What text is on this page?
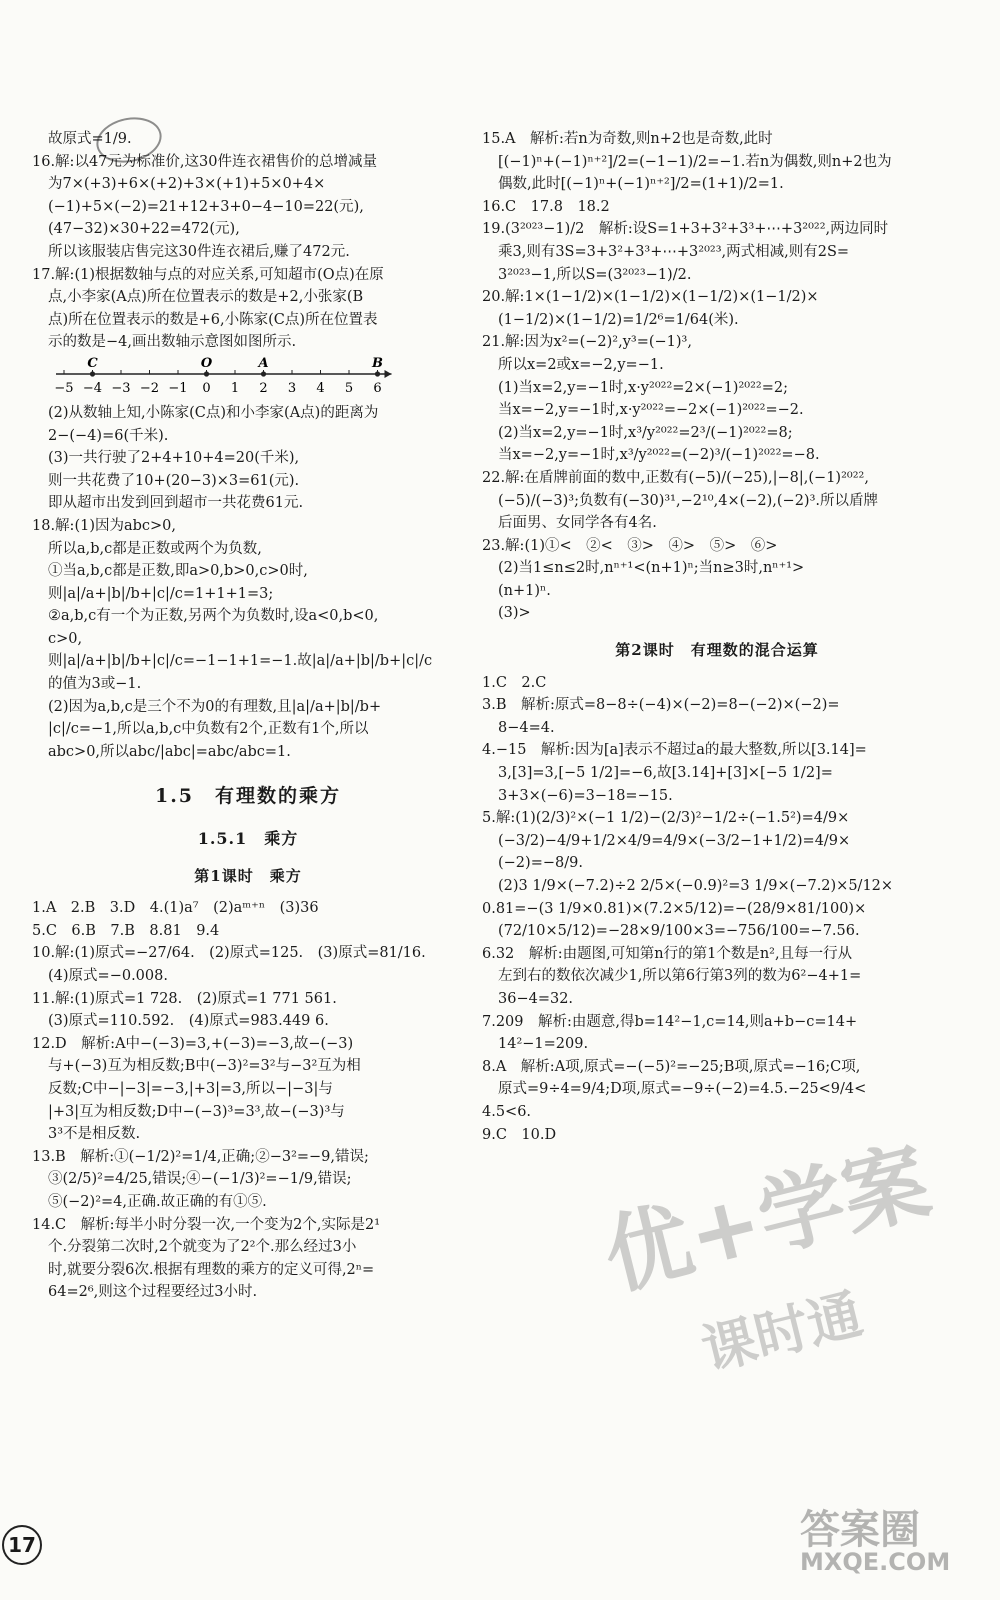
故原式=1/9.
16.解:以47元为标准价,这30件连衣裙售价的总增减量
为7×(+3)+6×(+2)+3×(+1)+5×0+4×
(−1)+5×(−2)=21+12+3+0−4−10=22(元),
(47−32)×30+22=472(元),
所以该服装店售完这30件连衣裙后,赚了472元.
17.解:(1)根据数轴与点的对应关系,可知超市(O点)在原
点,小李家(A点)所在位置表示的数是+2,小张家(B
点)所在位置表示的数是+6,小陈家(C点)所在位置表
示的数是−4,画出数轴示意图如图所示.
−5 −4 −3 −2 −1 0 1 2 3 4 5 6
C	O	A	B
(2)从数轴上知,小陈家(C点)和小李家(A点)的距离为
2−(−4)=6(千米).
(3)一共行驶了2+4+10+4=20(千米),
则一共花费了10+(20−3)×3=61(元).
即从超市出发到回到超市一共花费61元.
18.解:(1)因为abc>0,
所以a,b,c都是正数或两个为负数,
①当a,b,c都是正数,即a>0,b>0,c>0时,
则|a|/a+|b|/b+|c|/c=1+1+1=3;
②a,b,c有一个为正数,另两个为负数时,设a<0,b<0,
c>0,
则|a|/a+|b|/b+|c|/c=−1−1+1=−1.故|a|/a+|b|/b+|c|/c
的值为3或−1.
(2)因为a,b,c是三个不为0的有理数,且|a|/a+|b|/b+
|c|/c=−1,所以a,b,c中负数有2个,正数有1个,所以
abc>0,所以abc/|abc|=abc/abc=1.
1.5　有理数的乘方
1.5.1　乘方
第1课时　乘方
1.A　2.B　3.D　4.(1)a⁷　(2)aᵐ⁺ⁿ　(3)36
5.C　6.B　7.B　8.81　9.4
10.解:(1)原式=−27/64.　(2)原式=125.　(3)原式=81/16.
(4)原式=−0.008.
11.解:(1)原式=1 728.　(2)原式=1 771 561.
(3)原式=110.592.　(4)原式=983.449 6.
12.D　解析:A中−(−3)=3,+(−3)=−3,故−(−3)
与+(−3)互为相反数;B中(−3)²=3²与−3²互为相
反数;C中−|−3|=−3,|+3|=3,所以−|−3|与
|+3|互为相反数;D中−(−3)³=3³,故−(−3)³与
3³不是相反数.
13.B　解析:①(−1/2)²=1/4,正确;②−3²=−9,错误;
③(2/5)²=4/25,错误;④−(−1/3)²=−1/9,错误;
⑤(−2)²=4,正确.故正确的有①⑤.
14.C　解析:每半小时分裂一次,一个变为2个,实际是2¹
个.分裂第二次时,2个就变为了2²个.那么经过3小
时,就要分裂6次.根据有理数的乘方的定义可得,2ⁿ=
64=2⁶,则这个过程要经过3小时.
15.A　解析:若n为奇数,则n+2也是奇数,此时
[(−1)ⁿ+(−1)ⁿ⁺²]/2=(−1−1)/2=−1.若n为偶数,则n+2也为
偶数,此时[(−1)ⁿ+(−1)ⁿ⁺²]/2=(1+1)/2=1.
16.C　17.8　18.2
19.(3²⁰²³−1)/2　解析:设S=1+3+3²+3³+⋯+3²⁰²²,两边同时
乘3,则有3S=3+3²+3³+⋯+3²⁰²³,两式相减,则有2S=
3²⁰²³−1,所以S=(3²⁰²³−1)/2.
20.解:1×(1−1/2)×(1−1/2)×(1−1/2)×(1−1/2)×
(1−1/2)×(1−1/2)=1/2⁶=1/64(米).
21.解:因为x²=(−2)²,y³=(−1)³,
所以x=2或x=−2,y=−1.
(1)当x=2,y=−1时,x·y²⁰²²=2×(−1)²⁰²²=2;
当x=−2,y=−1时,x·y²⁰²²=−2×(−1)²⁰²²=−2.
(2)当x=2,y=−1时,x³/y²⁰²²=2³/(−1)²⁰²²=8;
当x=−2,y=−1时,x³/y²⁰²²=(−2)³/(−1)²⁰²²=−8.
22.解:在盾牌前面的数中,正数有(−5)/(−25),|−8|,(−1)²⁰²²,
(−5)/(−3)³;负数有(−30)³¹,−2¹⁰,4×(−2),(−2)³.所以盾牌
后面男、女同学各有4名.
23.解:(1)①<　②<　③>　④>　⑤>　⑥>
(2)当1≤n≤2时,nⁿ⁺¹<(n+1)ⁿ;当n≥3时,nⁿ⁺¹>
(n+1)ⁿ.
(3)>
第2课时　有理数的混合运算
1.C　2.C
3.B　解析:原式=8−8÷(−4)×(−2)=8−(−2)×(−2)=
8−4=4.
4.−15　解析:因为[a]表示不超过a的最大整数,所以[3.14]=
3,[3]=3,[−5 1/2]=−6,故[3.14]+[3]×[−5 1/2]=
3+3×(−6)=3−18=−15.
5.解:(1)(2/3)²×(−1 1/2)−(2/3)²−1/2÷(−1.5²)=4/9×
(−3/2)−4/9+1/2×4/9=4/9×(−3/2−1+1/2)=4/9×
(−2)=−8/9.
(2)3 1/9×(−7.2)÷2 2/5×(−0.9)²=3 1/9×(−7.2)×5/12×
0.81=−(3 1/9×0.81)×(7.2×5/12)=−(28/9×81/100)×
(72/10×5/12)=−28×9/100×3=−756/100=−7.56.
6.32　解析:由题图,可知第n行的第1个数是n²,且每一行从
左到右的数依次减少1,所以第6行第3列的数为6²−4+1=
36−4=32.
7.209　解析:由题意,得b=14²−1,c=14,则a+b−c=14+
14²−1=209.
8.A　解析:A项,原式=−(−5)²=−25;B项,原式=−16;C项,
原式=9÷4=9/4;D项,原式=−9÷(−2)=4.5.−25<9/4<
4.5<6.
9.C　10.D
17
优+学案
课时通
答案圈
MXQE.COM
